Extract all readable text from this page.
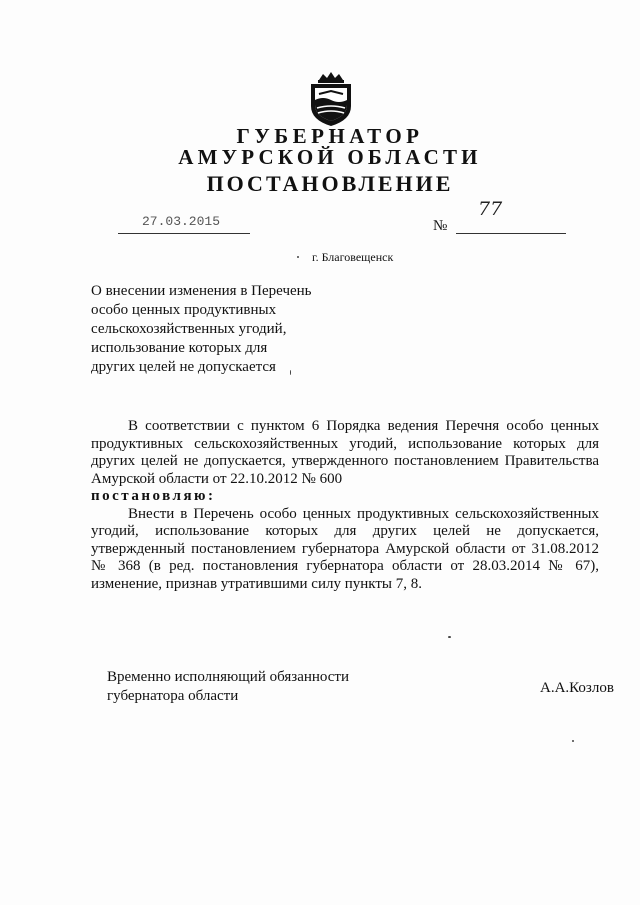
ГУБЕРНАТОР
АМУРСКОЙ ОБЛАСТИ
ПОСТАНОВЛЕНИЕ
27.03.2015	№
77
г. Благовещенск
О внесении изменения в Перечень
особо ценных продуктивных
сельскохозяйственных угодий,
использование которых для
других целей не допускается

В соответствии с пунктом 6 Порядка ведения Перечня особо ценных продуктивных сельскохозяйственных угодий, использование которых для других целей не допускается, утвержденного постановлением Правительства Амурской области от 22.10.2012 № 600

постановляю:

Внести в Перечень особо ценных продуктивных сельскохозяйственных угодий, использование которых для других целей не допускается, утвержденный постановлением губернатора Амурской области от 31.08.2012 № 368 (в ред. постановления губернатора области от 28.03.2014 № 67), изменение, признав утратившими силу пункты 7, 8.

Временно исполняющий обязанности
губернатора области	А.А.Козлов
